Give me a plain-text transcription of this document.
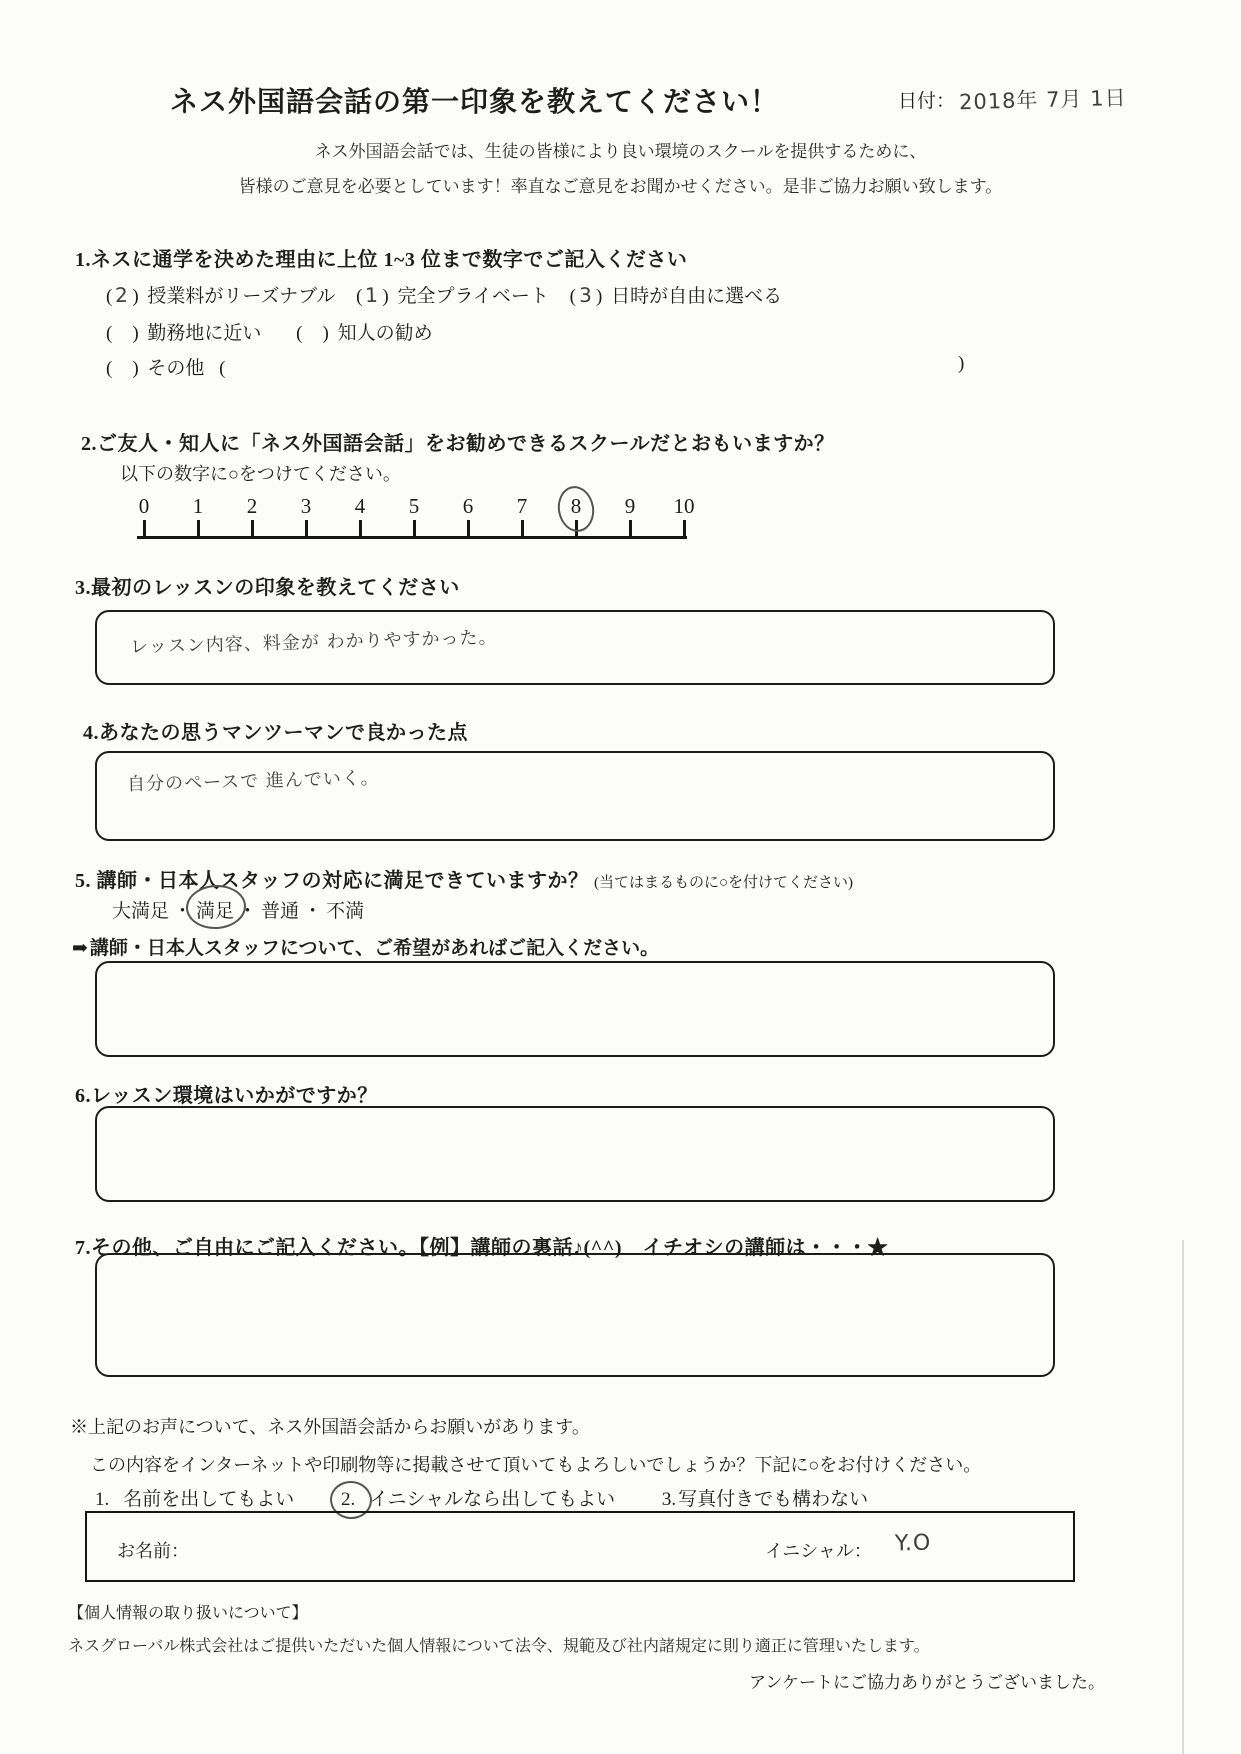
ネス外国語会話の第一印象を教えてください！	日付： 2018年 7月 1日
ネス外国語会話では、生徒の皆様により良い環境のスクールを提供するために、
皆様のご意見を必要としています！率直なご意見をお聞かせください。是非ご協力お願い致します。
1.ネスに通学を決めた理由に上位 1~3 位まで数字でご記入ください
( 2 ) 授業料がリーズナブル ( 1 ) 完全プライベート ( 3 ) 日時が自由に選べる
( ) 勤務地に近い ( ) 知人の勧め
( ) その他 (	)
2.ご友人・知人に「ネス外国語会話」をお勧めできるスクールだとおもいますか？
以下の数字に○をつけてください。
0 1 2 3 4 5 6 7 8 9 10
3.最初のレッスンの印象を教えてください
レッスン内容、料金が わかりやすかった。
4.あなたの思うマンツーマンで良かった点
自分のペースで 進んでいく。
5. 講師・日本人スタッフの対応に満足できていますか？ (当てはまるものに○を付けてください)
大満足 ・ 満足 ・ 普通 ・ 不満
➡ 講師・日本人スタッフについて、ご希望があればご記入ください。
6.レッスン環境はいかがですか？
7.その他、ご自由にご記入ください。【例】講師の裏話♪(^^)　イチオシの講師は・・・★
※上記のお声について、ネス外国語会話からお願いがあります。
この内容をインターネットや印刷物等に掲載させて頂いてもよろしいでしょうか？下記に○をお付けください。
1. 名前を出してもよい 2. イニシャルなら出してもよい 3. 写真付きでも構わない
お名前：	イニシャル： Y.O
【個人情報の取り扱いについて】
ネスグローバル株式会社はご提供いただいた個人情報について法令、規範及び社内諸規定に則り適正に管理いたします。
アンケートにご協力ありがとうございました。
